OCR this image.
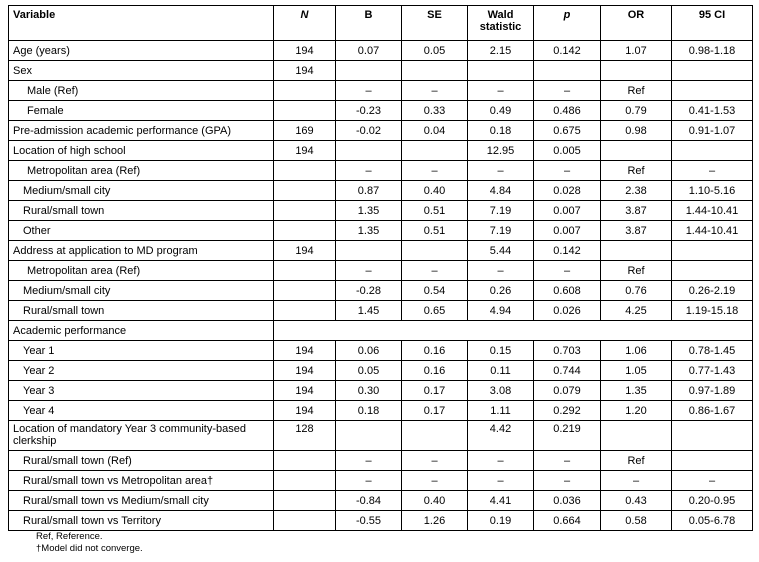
Variable	N	B	SE	Wald statistic	p	OR	95 CI
Age (years)	194	0.07	0.05	2.15	0.142	1.07	0.98-1.18
Sex	194						
Male (Ref)		–	–	–	–	Ref	
Female		-0.23	0.33	0.49	0.486	0.79	0.41-1.53
Pre-admission academic performance (GPA)	169	-0.02	0.04	0.18	0.675	0.98	0.91-1.07
Location of high school	194			12.95	0.005		
Metropolitan area (Ref)		–	–	–	–	Ref	–
Medium/small city		0.87	0.40	4.84	0.028	2.38	1.10-5.16
Rural/small town		1.35	0.51	7.19	0.007	3.87	1.44-10.41
Other		1.35	0.51	7.19	0.007	3.87	1.44-10.41
Address at application to MD program	194			5.44	0.142		
Metropolitan area (Ref)		–	–	–	–	Ref	
Medium/small city		-0.28	0.54	0.26	0.608	0.76	0.26-2.19
Rural/small town		1.45	0.65	4.94	0.026	4.25	1.19-15.18
Academic performance							
Year 1	194	0.06	0.16	0.15	0.703	1.06	0.78-1.45
Year 2	194	0.05	0.16	0.11	0.744	1.05	0.77-1.43
Year 3	194	0.30	0.17	3.08	0.079	1.35	0.97-1.89
Year 4	194	0.18	0.17	1.11	0.292	1.20	0.86-1.67
Location of mandatory Year 3 community-based clerkship	128			4.42	0.219		
Rural/small town (Ref)		–	–	–	–	Ref	
Rural/small town vs Metropolitan area†		–	–	–	–	–	–
Rural/small town vs Medium/small city		-0.84	0.40	4.41	0.036	0.43	0.20-0.95
Rural/small town vs Territory		-0.55	1.26	0.19	0.664	0.58	0.05-6.78
Ref, Reference.
†Model did not converge.
